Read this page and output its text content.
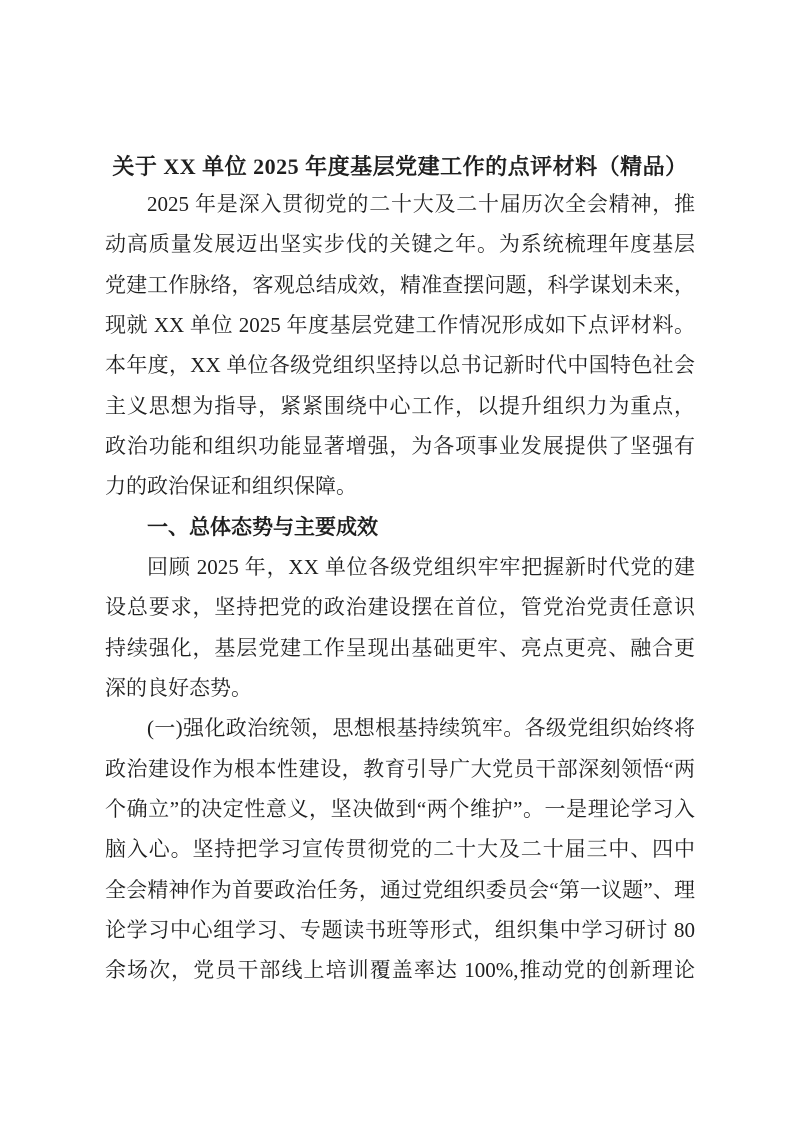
关于 XX 单位 2025 年度基层党建工作的点评材料（精品）
2025 年是深入贯彻党的二十大及二十届历次全会精神，推
动高质量发展迈出坚实步伐的关键之年。为系统梳理年度基层
党建工作脉络，客观总结成效，精准查摆问题，科学谋划未来，
现就 XX 单位 2025 年度基层党建工作情况形成如下点评材料。
本年度，XX 单位各级党组织坚持以总书记新时代中国特色社会
主义思想为指导，紧紧围绕中心工作，以提升组织力为重点，
政治功能和组织功能显著增强，为各项事业发展提供了坚强有
力的政治保证和组织保障。
一、总体态势与主要成效
回顾 2025 年，XX 单位各级党组织牢牢把握新时代党的建
设总要求，坚持把党的政治建设摆在首位，管党治党责任意识
持续强化，基层党建工作呈现出基础更牢、亮点更亮、融合更
深的良好态势。
(一)强化政治统领，思想根基持续筑牢。各级党组织始终将
政治建设作为根本性建设，教育引导广大党员干部深刻领悟“两
个确立”的决定性意义，坚决做到“两个维护”。一是理论学习入
脑入心。坚持把学习宣传贯彻党的二十大及二十届三中、四中
全会精神作为首要政治任务，通过党组织委员会“第一议题”、理
论学习中心组学习、专题读书班等形式，组织集中学习研讨 80
余场次，党员干部线上培训覆盖率达 100%,推动党的创新理论
